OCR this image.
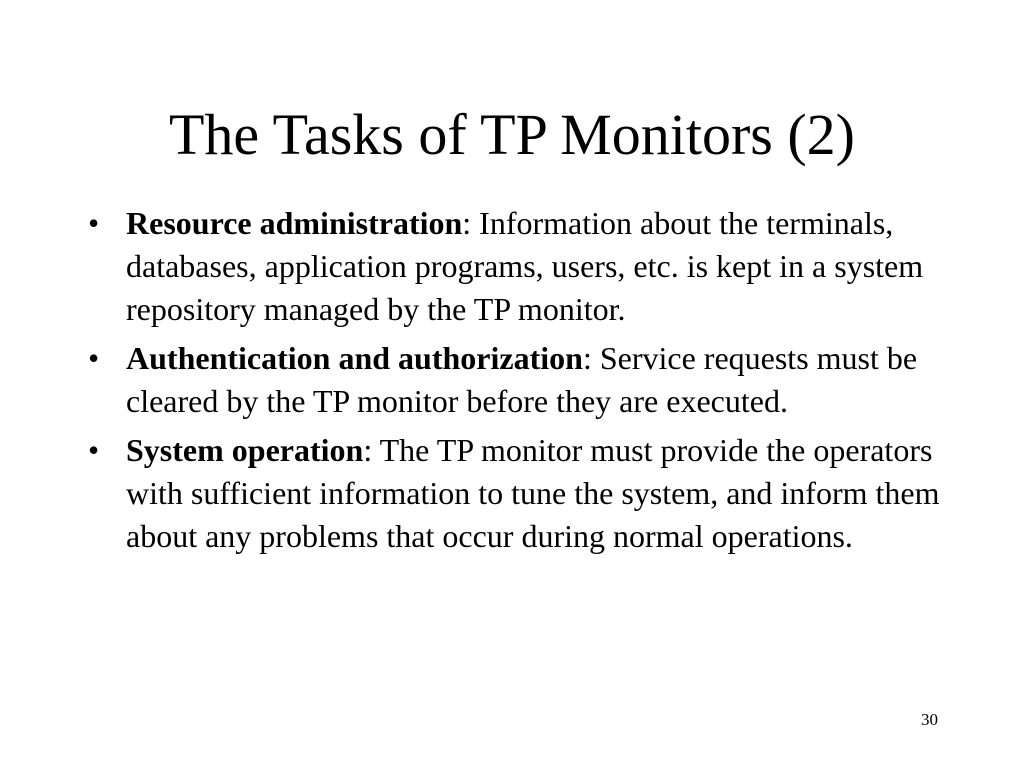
The Tasks of TP Monitors (2)
• Resource administration: Information about the terminals, databases, application programs, users, etc. is kept in a system repository managed by the TP monitor.
• Authentication and authorization: Service requests must be cleared by the TP monitor before they are executed.
• System operation: The TP monitor must provide the operators with sufficient information to tune the system, and inform them about any problems that occur during normal operations.
30
